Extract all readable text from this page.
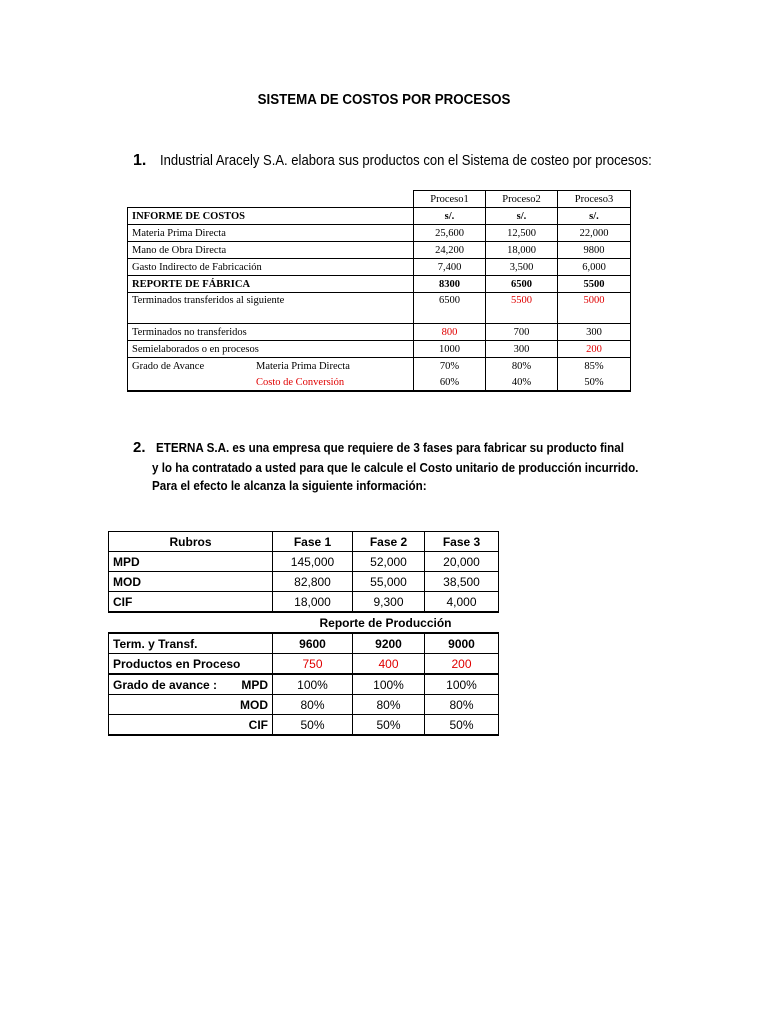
SISTEMA DE COSTOS POR PROCESOS
1. Industrial Aracely S.A. elabora sus productos con el Sistema de costeo por procesos:
	Proceso1	Proceso2	Proceso3
INFORME DE COSTOS	s/.	s/.	s/.
Materia Prima Directa	25,600	12,500	22,000
Mano de Obra Directa	24,200	18,000	9800
Gasto Indirecto de Fabricación	7,400	3,500	6,000
REPORTE DE FÁBRICA	8300	6500	5500
Terminados transferidos al siguiente	6500	5500	5000
Terminados no transferidos	800	700	300
Semielaborados o en procesos	1000	300	200
Grado de Avance Materia Prima Directa	70%	80%	85%
Costo de Conversión	60%	40%	50%
2. ETERNA S.A. es una empresa que requiere de 3 fases para fabricar su producto final
y lo ha contratado a usted para que le calcule el Costo unitario de producción incurrido.
Para el efecto le alcanza la siguiente información:
Rubros	Fase 1	Fase 2	Fase 3
MPD	145,000	52,000	20,000
MOD	82,800	55,000	38,500
CIF	18,000	9,300	4,000
	Reporte de Producción		
Term. y Transf.	9600	9200	9000
Productos en Proceso	750	400	200
Grado de avance : MPD	100%	100%	100%
MOD	80%	80%	80%
CIF	50%	50%	50%
